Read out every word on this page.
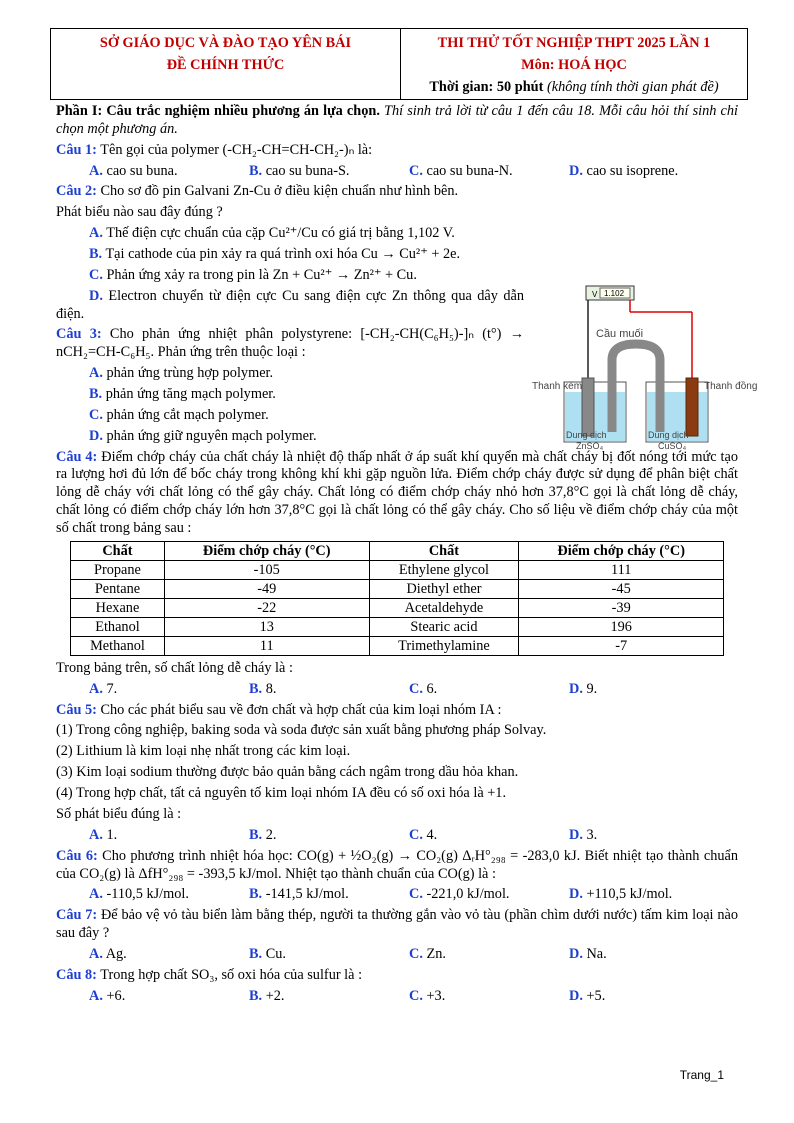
SỞ GIÁO DỤC VÀ ĐÀO TẠO YÊN BÁI
ĐỀ CHÍNH THỨC
THI THỬ TỐT NGHIỆP THPT 2025 LẦN 1
Môn: HOÁ HỌC
Thời gian: 50 phút (không tính thời gian phát đề)
V 1.102
Cầu muối
Thanh kẽm	Thanh đồng
Dung dịch ZnSO₄
Dung dịch CuSO₄

Phần I: Câu trắc nghiệm nhiều phương án lựa chọn. Thí sinh trả lời từ câu 1 đến câu 18. Mỗi câu hỏi thí sinh chỉ chọn một phương án.

Câu 1: Tên gọi của polymer (-CH₂-CH=CH-CH₂-)ₙ là:

A. cao su buna.	B. cao su buna-S.	C. cao su buna-N.	D. cao su isoprene.

Câu 2: Cho sơ đồ pin Galvani Zn-Cu ở điều kiện chuẩn như hình bên.

Phát biểu nào sau đây đúng ?

A. Thế điện cực chuẩn của cặp Cu²⁺/Cu có giá trị bằng 1,102 V.

B. Tại cathode của pin xảy ra quá trình oxi hóa Cu → Cu²⁺ + 2e.

C. Phản ứng xảy ra trong pin là Zn + Cu²⁺ → Zn²⁺ + Cu.

D. Electron chuyển từ điện cực Cu sang điện cực Zn thông qua dây dẫn điện.

Câu 3: Cho phản ứng nhiệt phân polystyrene: [-CH₂-CH(C₆H₅)-]ₙ (t°) → nCH₂=CH-C₆H₅. Phản ứng trên thuộc loại :

A. phản ứng trùng hợp polymer.

B. phản ứng tăng mạch polymer.

C. phản ứng cắt mạch polymer.

D. phản ứng giữ nguyên mạch polymer.

Câu 4: Điểm chớp cháy của chất cháy là nhiệt độ thấp nhất ở áp suất khí quyển mà chất cháy bị đốt nóng tới mức tạo ra lượng hơi đủ lớn để bốc cháy trong không khí khi gặp nguồn lửa. Điểm chớp cháy được sử dụng để phân biệt chất lỏng dễ cháy với chất lỏng có thể gây cháy. Chất lỏng có điểm chớp cháy nhỏ hơn 37,8°C gọi là chất lỏng dễ cháy, chất lỏng có điểm chớp cháy lớn hơn 37,8°C gọi là chất lỏng có thể gây cháy. Cho số liệu về điểm chớp cháy của một số chất trong bảng sau :

Chất	Điểm chớp cháy (°C)	Chất	Điểm chớp cháy (°C)
Propane	-105	Ethylene glycol	111
Pentane	-49	Diethyl ether	-45
Hexane	-22	Acetaldehyde	-39
Ethanol	13	Stearic acid	196
Methanol	11	Trimethylamine	-7

Trong bảng trên, số chất lỏng dễ cháy là :

A. 7.	B. 8.	C. 6.	D. 9.

Câu 5: Cho các phát biểu sau về đơn chất và hợp chất của kim loại nhóm IA :

(1) Trong công nghiệp, baking soda và soda được sản xuất bằng phương pháp Solvay.

(2) Lithium là kim loại nhẹ nhất trong các kim loại.

(3) Kim loại sodium thường được bảo quản bằng cách ngâm trong dầu hỏa khan.

(4) Trong hợp chất, tất cả nguyên tố kim loại nhóm IA đều có số oxi hóa là +1.

Số phát biểu đúng là :

A. 1.	B. 2.	C. 4.	D. 3.

Câu 6: Cho phương trình nhiệt hóa học: CO(g) + ½O₂(g) → CO₂(g) ΔᵣH°₂₉₈ = -283,0 kJ. Biết nhiệt tạo thành chuẩn của CO₂(g) là ΔfH°₂₉₈ = -393,5 kJ/mol. Nhiệt tạo thành chuẩn của CO(g) là :

A. -110,5 kJ/mol.	B. -141,5 kJ/mol.	C. -221,0 kJ/mol.	D. +110,5 kJ/mol.

Câu 7: Để bảo vệ vỏ tàu biển làm bằng thép, người ta thường gắn vào vỏ tàu (phần chìm dưới nước) tấm kim loại nào sau đây ?

A. Ag.	B. Cu.	C. Zn.	D. Na.

Câu 8: Trong hợp chất SO₃, số oxi hóa của sulfur là :

A. +6.	B. +2.	C. +3.	D. +5.
Trang_1
